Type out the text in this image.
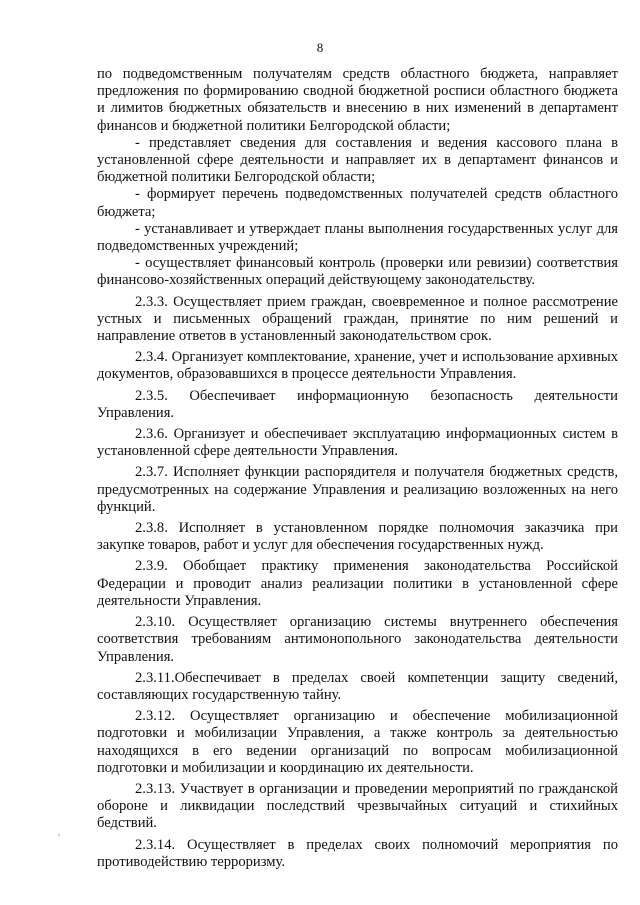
8

по подведомственным получателям средств областного бюджета, направляет предложения по формированию сводной бюджетной росписи областного бюджета и лимитов бюджетных обязательств и внесению в них изменений в департамент финансов и бюджетной политики Белгородской области;

- представляет сведения для составления и ведения кассового плана в установленной сфере деятельности и направляет их в департамент финансов и бюджетной политики Белгородской области;

- формирует перечень подведомственных получателей средств областного бюджета;

- устанавливает и утверждает планы выполнения государственных услуг для подведомственных учреждений;

- осуществляет финансовый контроль (проверки или ревизии) соответствия финансово-хозяйственных операций действующему законодательству.

2.3.3. Осуществляет прием граждан, своевременное и полное рассмотрение устных и письменных обращений граждан, принятие по ним решений и направление ответов в установленный законодательством срок.

2.3.4. Организует комплектование, хранение, учет и использование архивных документов, образовавшихся в процессе деятельности Управления.

2.3.5. Обеспечивает информационную безопасность деятельности Управления.

2.3.6. Организует и обеспечивает эксплуатацию информационных систем в установленной сфере деятельности Управления.

2.3.7. Исполняет функции распорядителя и получателя бюджетных средств, предусмотренных на содержание Управления и реализацию возложенных на него функций.

2.3.8. Исполняет в установленном порядке полномочия заказчика при закупке товаров, работ и услуг для обеспечения государственных нужд.

2.3.9. Обобщает практику применения законодательства Российской Федерации и проводит анализ реализации политики в установленной сфере деятельности Управления.

2.3.10. Осуществляет организацию системы внутреннего обеспечения соответствия требованиям антимонопольного законодательства деятельности Управления.

2.3.11.Обеспечивает в пределах своей компетенции защиту сведений, составляющих государственную тайну.

2.3.12. Осуществляет организацию и обеспечение мобилизационной подготовки и мобилизации Управления, а также контроль за деятельностью находящихся в его ведении организаций по вопросам мобилизационной подготовки и мобилизации и координацию их деятельности.

2.3.13. Участвует в организации и проведении мероприятий по гражданской обороне и ликвидации последствий чрезвычайных ситуаций и стихийных бедствий.

2.3.14. Осуществляет в пределах своих полномочий мероприятия по противодействию терроризму.

'
